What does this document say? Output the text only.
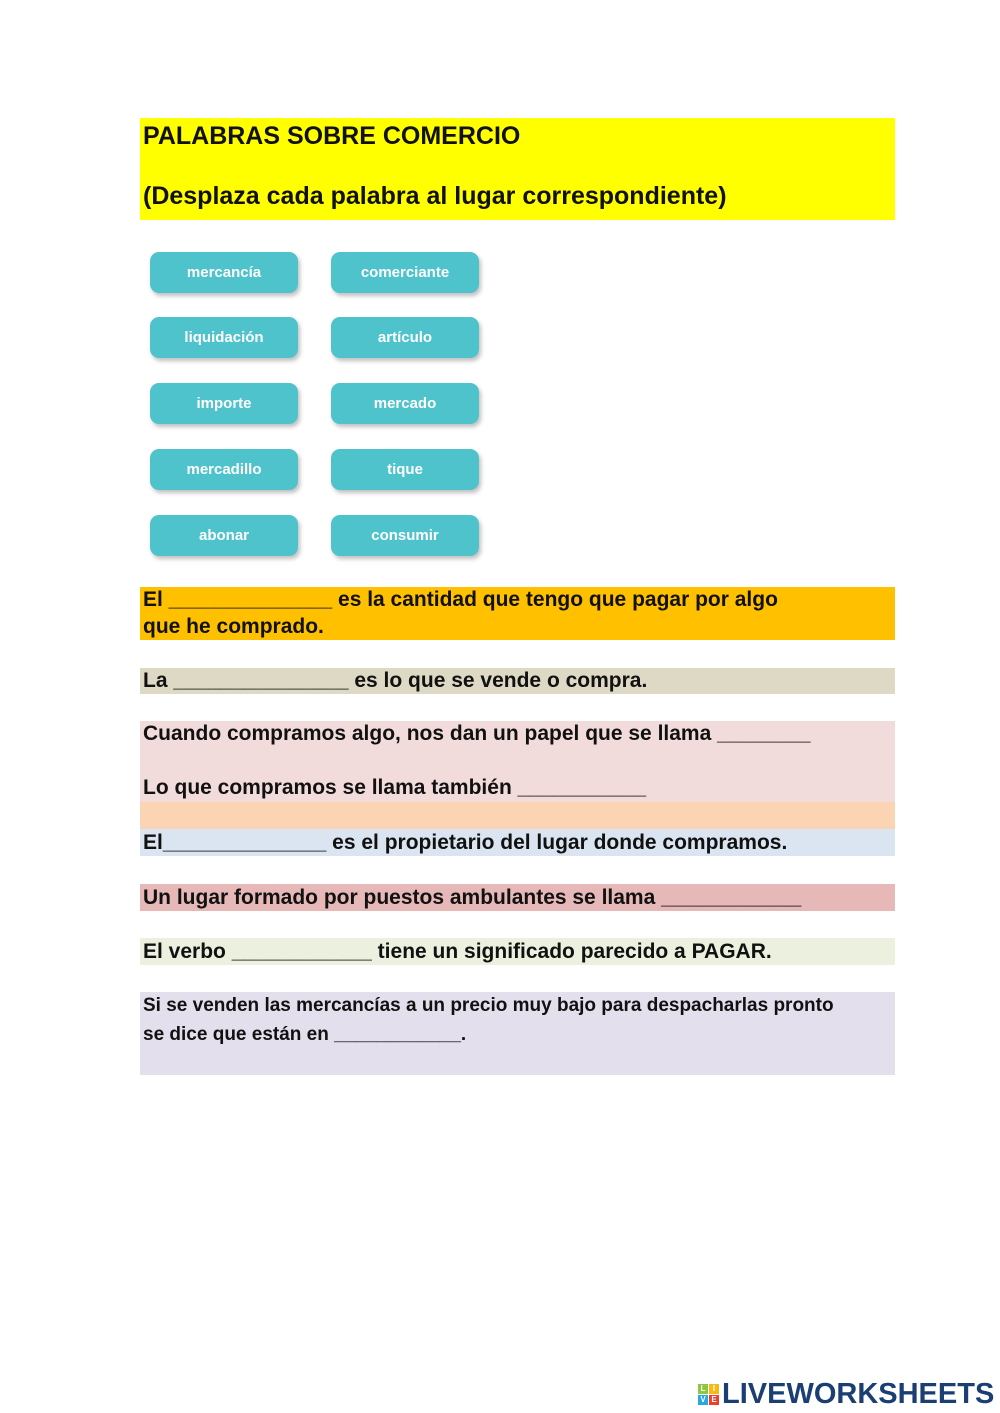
PALABRAS SOBRE COMERCIO
(Desplaza cada palabra al lugar correspondiente)
mercancía	comerciante
liquidación	artículo
importe	mercado
mercadillo	tique
abonar	consumir
El ______________ es la cantidad que tengo que pagar por algo
que he comprado.
La _______________ es lo que se vende o compra.
Cuando compramos algo, nos dan un papel que se llama ________
Lo que compramos se llama también ___________
El______________ es el propietario del lugar donde compramos.
Un lugar formado por puestos ambulantes se llama ____________
El verbo ____________ tiene un significado parecido a PAGAR.
Si se venden las mercancías a un precio muy bajo para despacharlas pronto
se dice que están en ____________.
L I
V E LIVEWORKSHEETS
